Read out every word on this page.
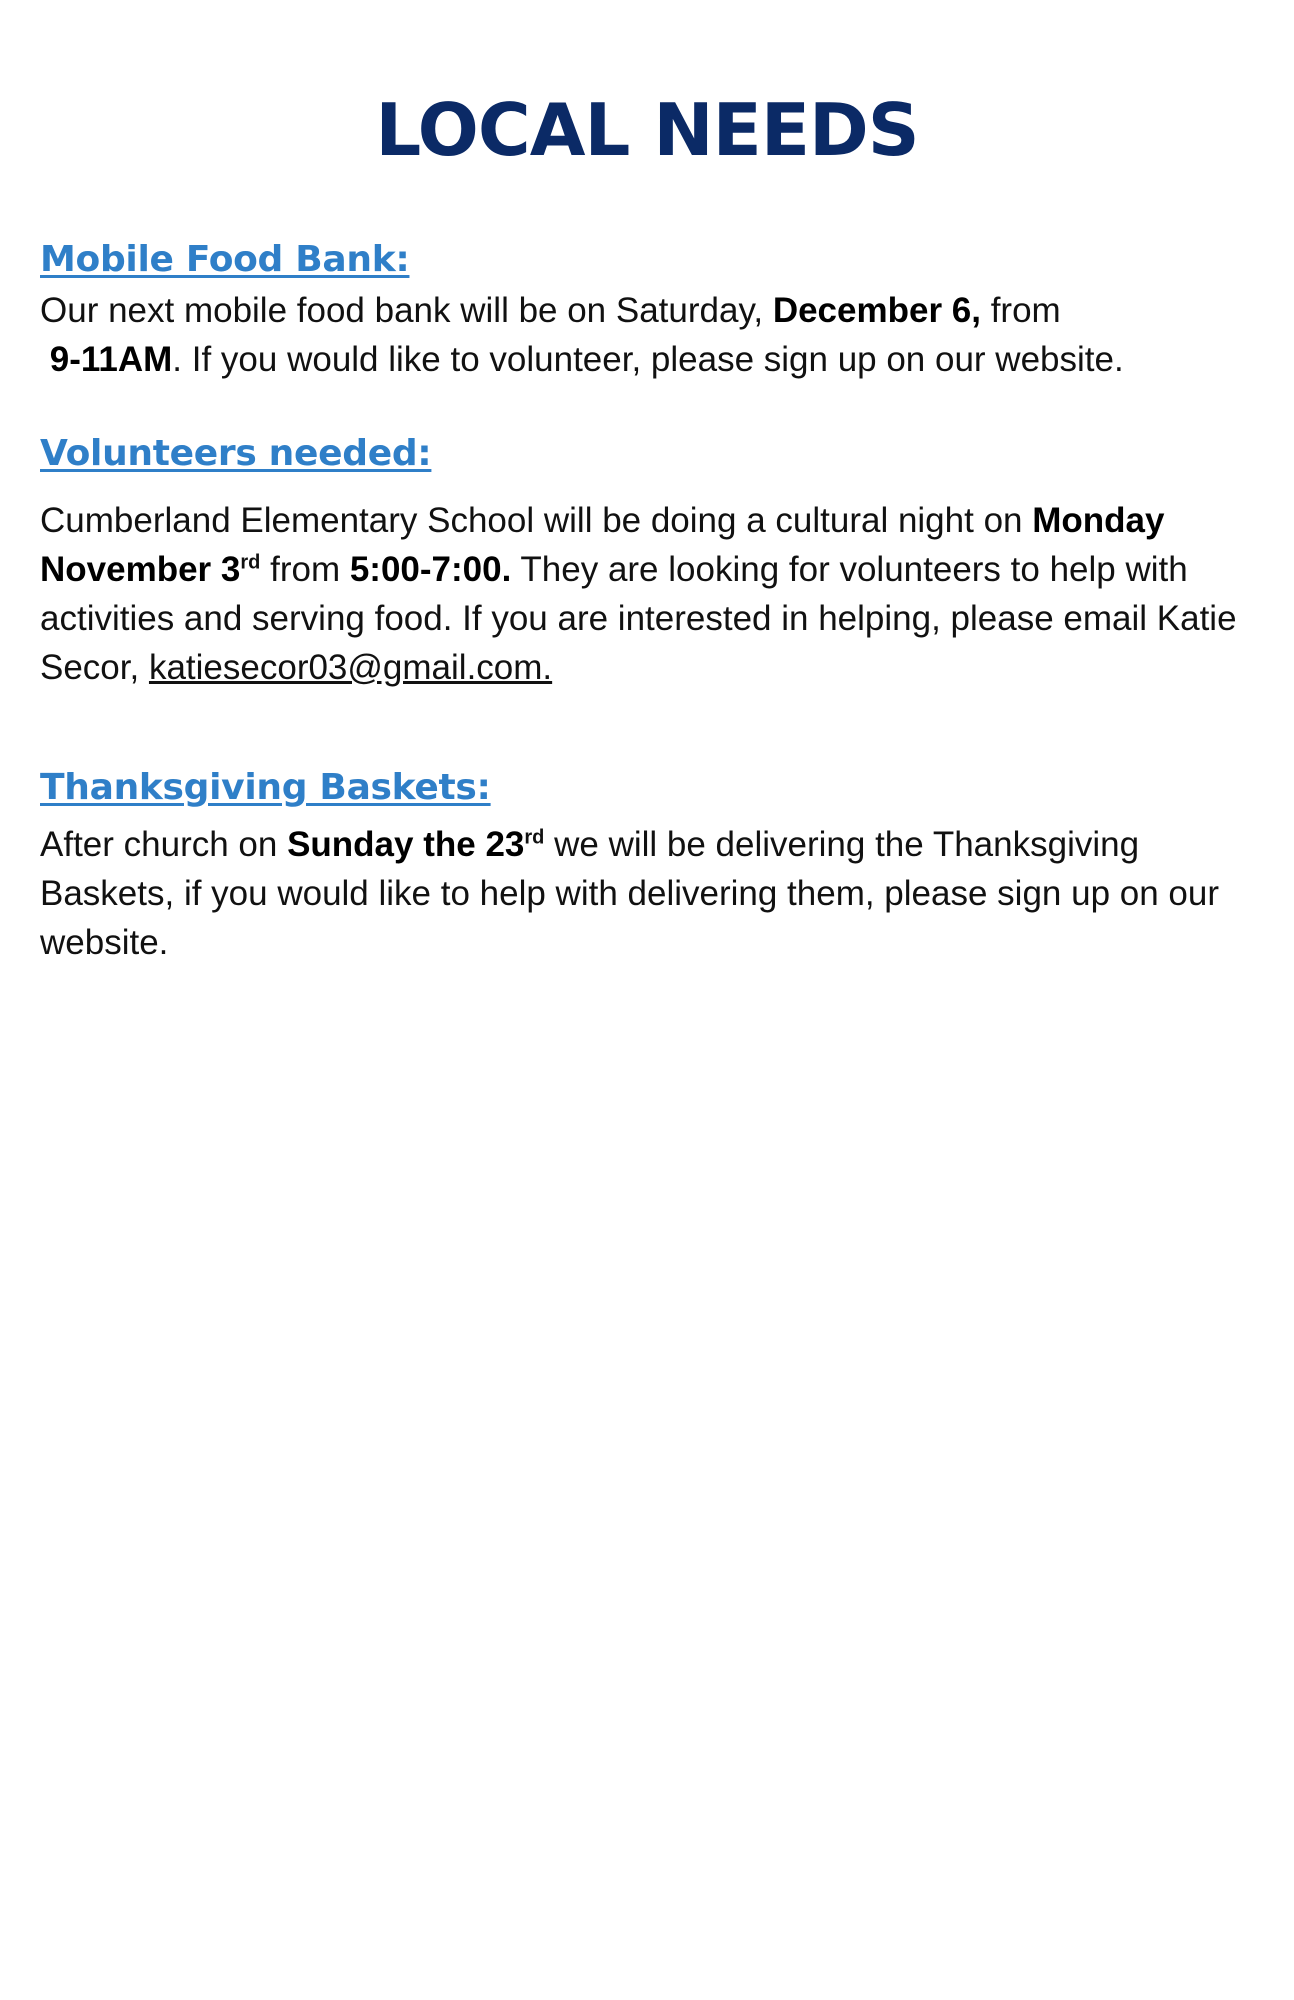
LOCAL NEEDS
Mobile Food Bank:

Our next mobile food bank will be on Saturday, December 6, from
9-11AM. If you would like to volunteer, please sign up on our website.

Volunteers needed:

Cumberland Elementary School will be doing a cultural night on Monday November 3rd from 5:00-7:00. They are looking for volunteers to help with activities and serving food. If you are interested in helping, please email Katie Secor, katiesecor03@gmail.com.

Thanksgiving Baskets:

After church on Sunday the 23rd we will be delivering the Thanksgiving Baskets, if you would like to help with delivering them, please sign up on our website.
